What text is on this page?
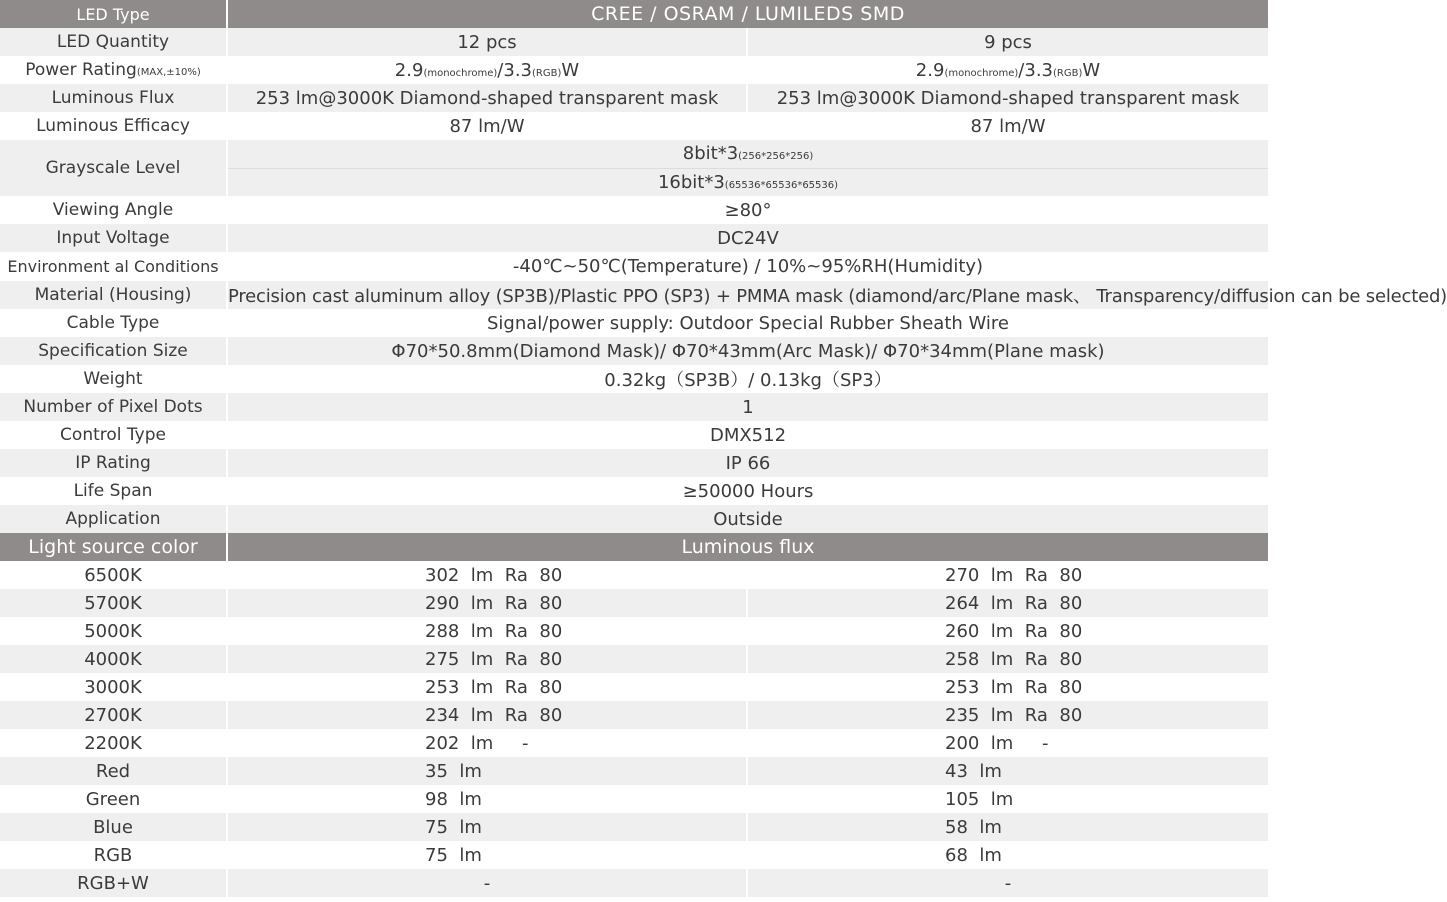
LED Type		CREE / OSRAM / LUMILEDS SMD		
LED Quantity		12 pcs		9 pcs
Power Rating(MAX,±10%)		2.9(monochrome)/3.3(RGB)W		2.9(monochrome)/3.3(RGB)W
Luminous Flux		253 lm@3000K Diamond-shaped transparent mask		253 lm@3000K Diamond-shaped transparent mask
Luminous Efficacy		87 lm/W		87 lm/W
Grayscale Level		8bit*3(256*256*256)		
		16bit*3(65536*65536*65536)		
Viewing Angle		≥80°		
Input Voltage		DC24V		
Environment al Conditions		-40℃~50℃(Temperature) / 10%~95%RH(Humidity)		
Material (Housing)		Precision cast aluminum alloy (SP3B)/Plastic PPO (SP3) + PMMA mask (diamond/arc/Plane mask、 Transparency/diffusion can be selected)		
Cable Type		Signal/power supply: Outdoor Special Rubber Sheath Wire		
Specification Size		Φ70*50.8mm(Diamond Mask)/ Φ70*43mm(Arc Mask)/ Φ70*34mm(Plane mask)		
Weight		0.32kg（SP3B）/ 0.13kg（SP3）		
Number of Pixel Dots		1		
Control Type		DMX512		
IP Rating		IP 66		
Life Span		≥50000 Hours		
Application		Outside		
Light source color		Luminous flux		
6500K		302  lm  Ra  80		270  lm  Ra  80
5700K		290  lm  Ra  80		264  lm  Ra  80
5000K		288  lm  Ra  80		260  lm  Ra  80
4000K		275  lm  Ra  80		258  lm  Ra  80
3000K		253  lm  Ra  80		253  lm  Ra  80
2700K		234  lm  Ra  80		235  lm  Ra  80
2200K		202  lm     -		200  lm     -
Red		35  lm		43  lm
Green		98  lm		105  lm
Blue		75  lm		58  lm
RGB		75  lm		68  lm
RGB+W		-		-
